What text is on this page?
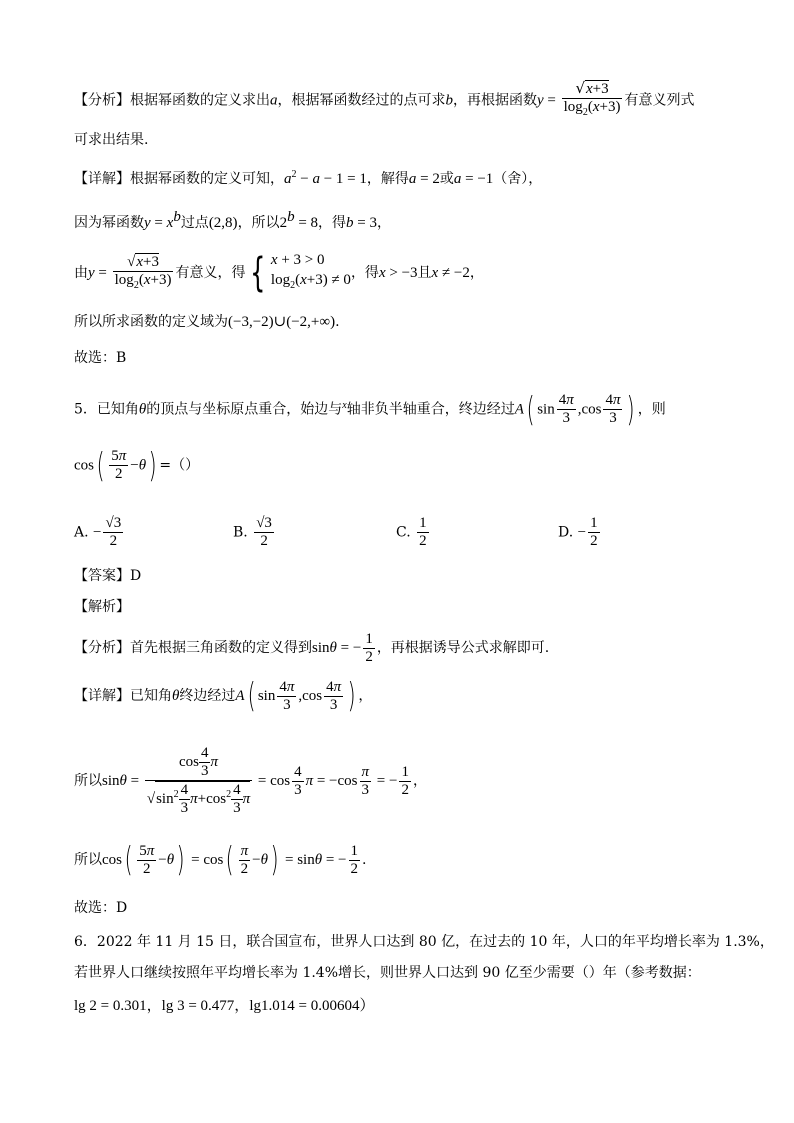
【分析】根据幂函数的定义求出a，根据幂函数经过的点可求b，再根据函数$y = \frac{√x+3}{\log_2(x+3)}$ 有意义列式
可求出结果.
【详解】根据幂函数的定义可知，$a^2 - a - 1 = 1$，解得a = 2或a = −1（舍），
因为幂函数$y = x^b$过点(2,8)，所以$2^b = 8$，得b = 3，
由$y = \frac{√x+3}{\log_2(x+3)}$ 有意义，得 { x + 3 > 0
$\log_2(x+3) \ne 0$ ，得x > −3且x ≠ −2，
所以所求函数的定义域为(−3,−2)∪(−2,+∞).
故选：B
5．已知角θ的顶点与坐标原点重合，始边与$^x$轴非负半轴重合，终边经过A( $\sin \frac{4\pi}{3} ,\cos \frac{4\pi}{3}$ ) ，则
$\cos( \frac{5\pi}{2} -\theta)$ =（）
A. − $\frac{√3}{2}$	B. $\frac{√3}{2}$	C. $\frac{1}{2}$	D. − $\frac{1}{2}$
【答案】D
【解析】
【分析】首先根据三角函数的定义得到sinθ = − $\frac{1}{2}$ ，再根据诱导公式求解即可.
【详解】已知角θ终边经过A( $\sin \frac{4\pi}{3} ,\cos \frac{4\pi}{3}$ ) ，
所以$\sin\theta = \frac{\cos \frac{4}{3} \pi}{√\sin^2 \frac{4}{3} \pi+\cos^2 \frac{4}{3} \pi} = \cos \frac{4}{3}$ $\pi = -\cos \frac{\pi}{3}$ = − $\frac{1}{2}$ ，
所以$\cos( \frac{5\pi}{2} -\theta) = \cos( \frac{\pi}{2} -\theta) = \sin\theta$ = − $\frac{1}{2}$ .
故选：D
6．2022 年 11 月 15 日，联合国宣布，世界人口达到 80 亿，在过去的 10 年，人口的年平均增长率为 1.3%，
若世界人口继续按照年平均增长率为 1.4%增长，则世界人口达到 90 亿至少需要（）年（参考数据：
lg 2 = 0.301，lg 3 = 0.477，lg1.014 = 0.00604）
